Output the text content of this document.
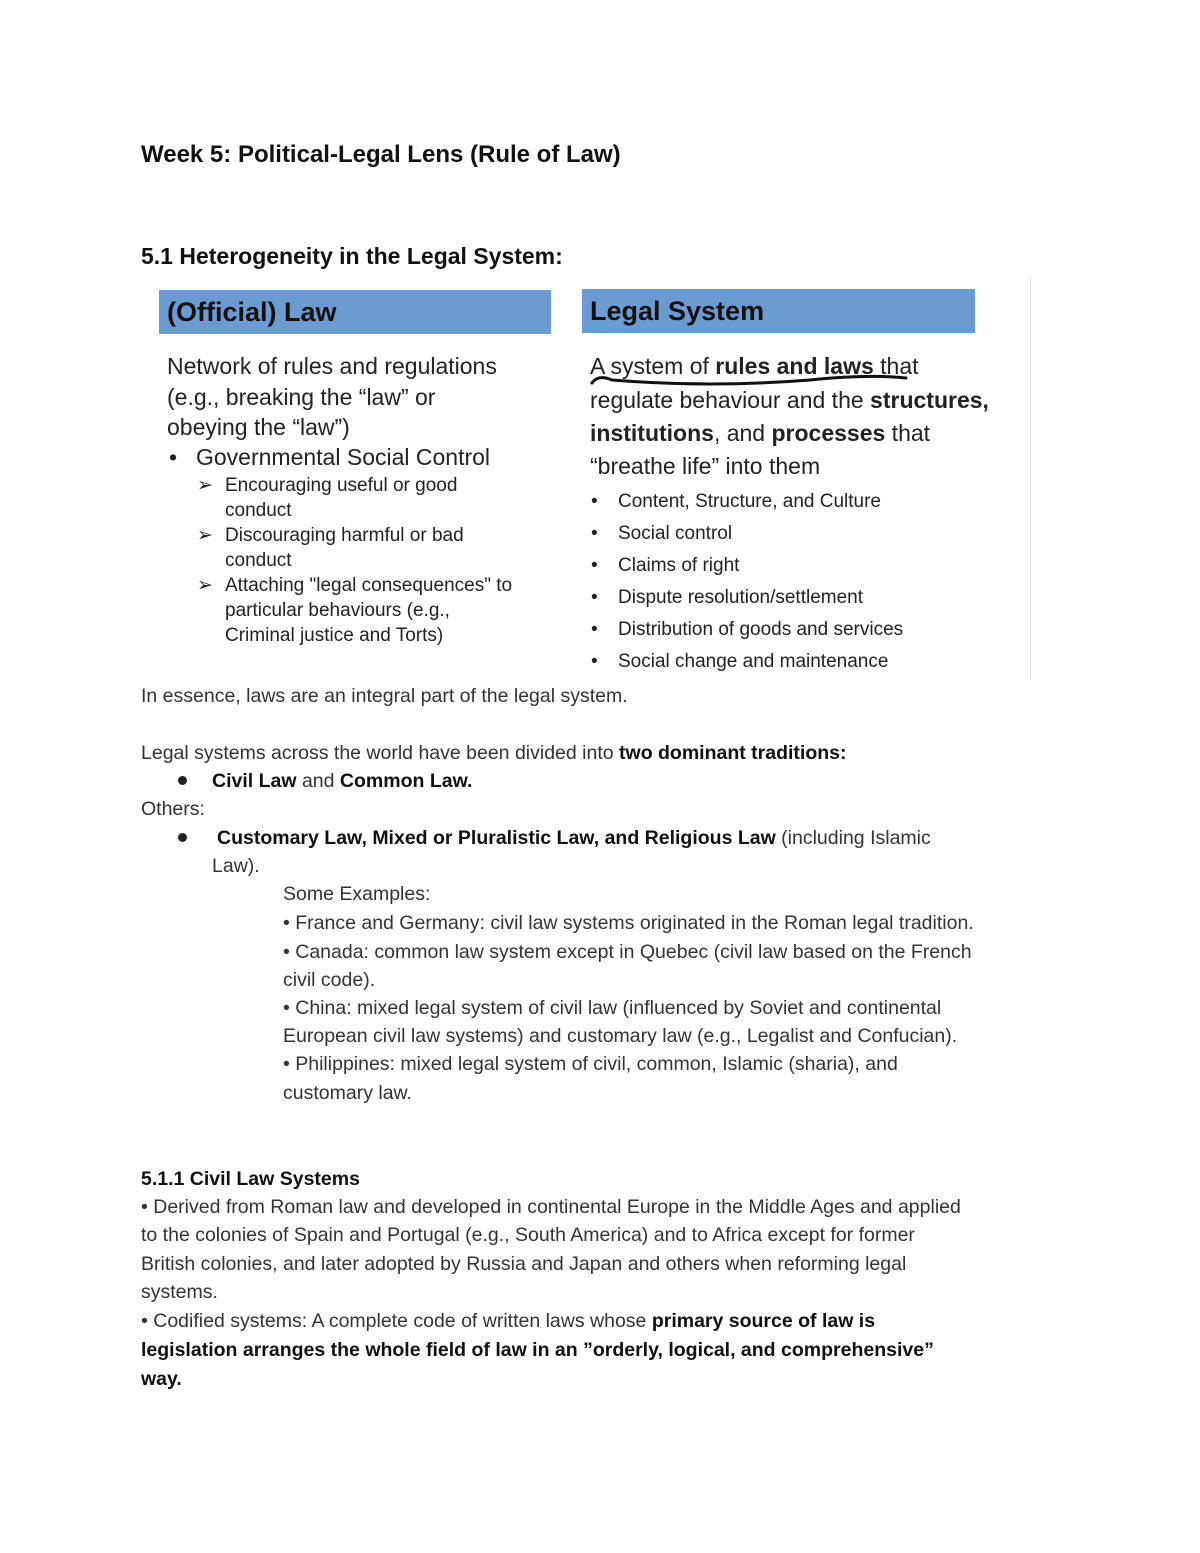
Week 5: Political-Legal Lens (Rule of Law)
5.1 Heterogeneity in the Legal System:
(Official) Law
Network of rules and regulations
(e.g., breaking the “law” or
obeying the “law”)
• Governmental Social Control
➢ Encouraging useful or good
conduct
➢ Discouraging harmful or bad
conduct
➢ Attaching "legal consequences" to
particular behaviours (e.g.,
Criminal justice and Torts)
Legal System
A system of rules and laws that
regulate behaviour and the structures,
institutions, and processes that
“breathe life” into them
• Content, Structure, and Culture
• Social control
• Claims of right
• Dispute resolution/settlement
• Distribution of goods and services
• Social change and maintenance
In essence, laws are an integral part of the legal system.
Legal systems across the world have been divided into two dominant traditions:
Civil Law and Common Law.
Others:
Customary Law, Mixed or Pluralistic Law, and Religious Law (including Islamic
Law).
Some Examples:
• France and Germany: civil law systems originated in the Roman legal tradition.
• Canada: common law system except in Quebec (civil law based on the French
civil code).
• China: mixed legal system of civil law (influenced by Soviet and continental
European civil law systems) and customary law (e.g., Legalist and Confucian).
• Philippines: mixed legal system of civil, common, Islamic (sharia), and
customary law.
5.1.1 Civil Law Systems
• Derived from Roman law and developed in continental Europe in the Middle Ages and applied
to the colonies of Spain and Portugal (e.g., South America) and to Africa except for former
British colonies, and later adopted by Russia and Japan and others when reforming legal
systems.
• Codified systems: A complete code of written laws whose primary source of law is
legislation arranges the whole field of law in an ”orderly, logical, and comprehensive”
way.
